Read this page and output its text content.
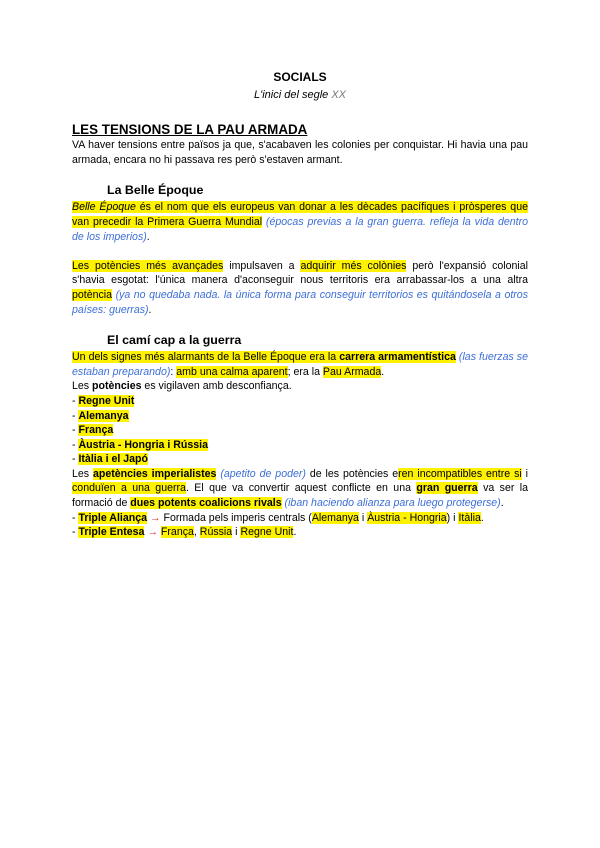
SOCIALS
L'inici del segle XX
LES TENSIONS DE LA PAU ARMADA

VA haver tensions entre països ja que, s'acabaven les colonies per conquistar. Hi havia una pau armada, encara no hi passava res però s'estaven armant.

La Belle Époque

Belle Époque és el nom que els europeus van donar a les dècades pacífiques i pròsperes que van precedir la Primera Guerra Mundial (épocas previas a la gran guerra. refleja la vida dentro de los imperios).

Les potències més avançades impulsaven a adquirir més colònies però l'expansió colonial s'havia esgotat: l'única manera d'aconseguir nous territoris era arrabassar-los a una altra potència (ya no quedaba nada. la única forma para conseguir territorios es quitándosela a otros países: guerras).

El camí cap a la guerra

Un dels signes més alarmants de la Belle Époque era la carrera armamentística (las fuerzas se estaban preparando): amb una calma aparent; era la Pau Armada.

Les potències es vigilaven amb desconfiança.
- Regne Unit
- Alemanya
- França
- Àustria - Hongria i Rússia
- Itàlia i el Japó

Les apetències imperialistes (apetito de poder) de les potències eren incompatibles entre si i conduïen a una guerra. El que va convertir aquest conflicte en una gran guerra va ser la formació de dues potents coalicions rivals (iban haciendo alianza para luego protegerse).

- Triple Aliança → Formada pels imperis centrals (Alemanya i Àustria - Hongria) i Itàlia.
- Triple Entesa → França, Rússia i Regne Unit.
